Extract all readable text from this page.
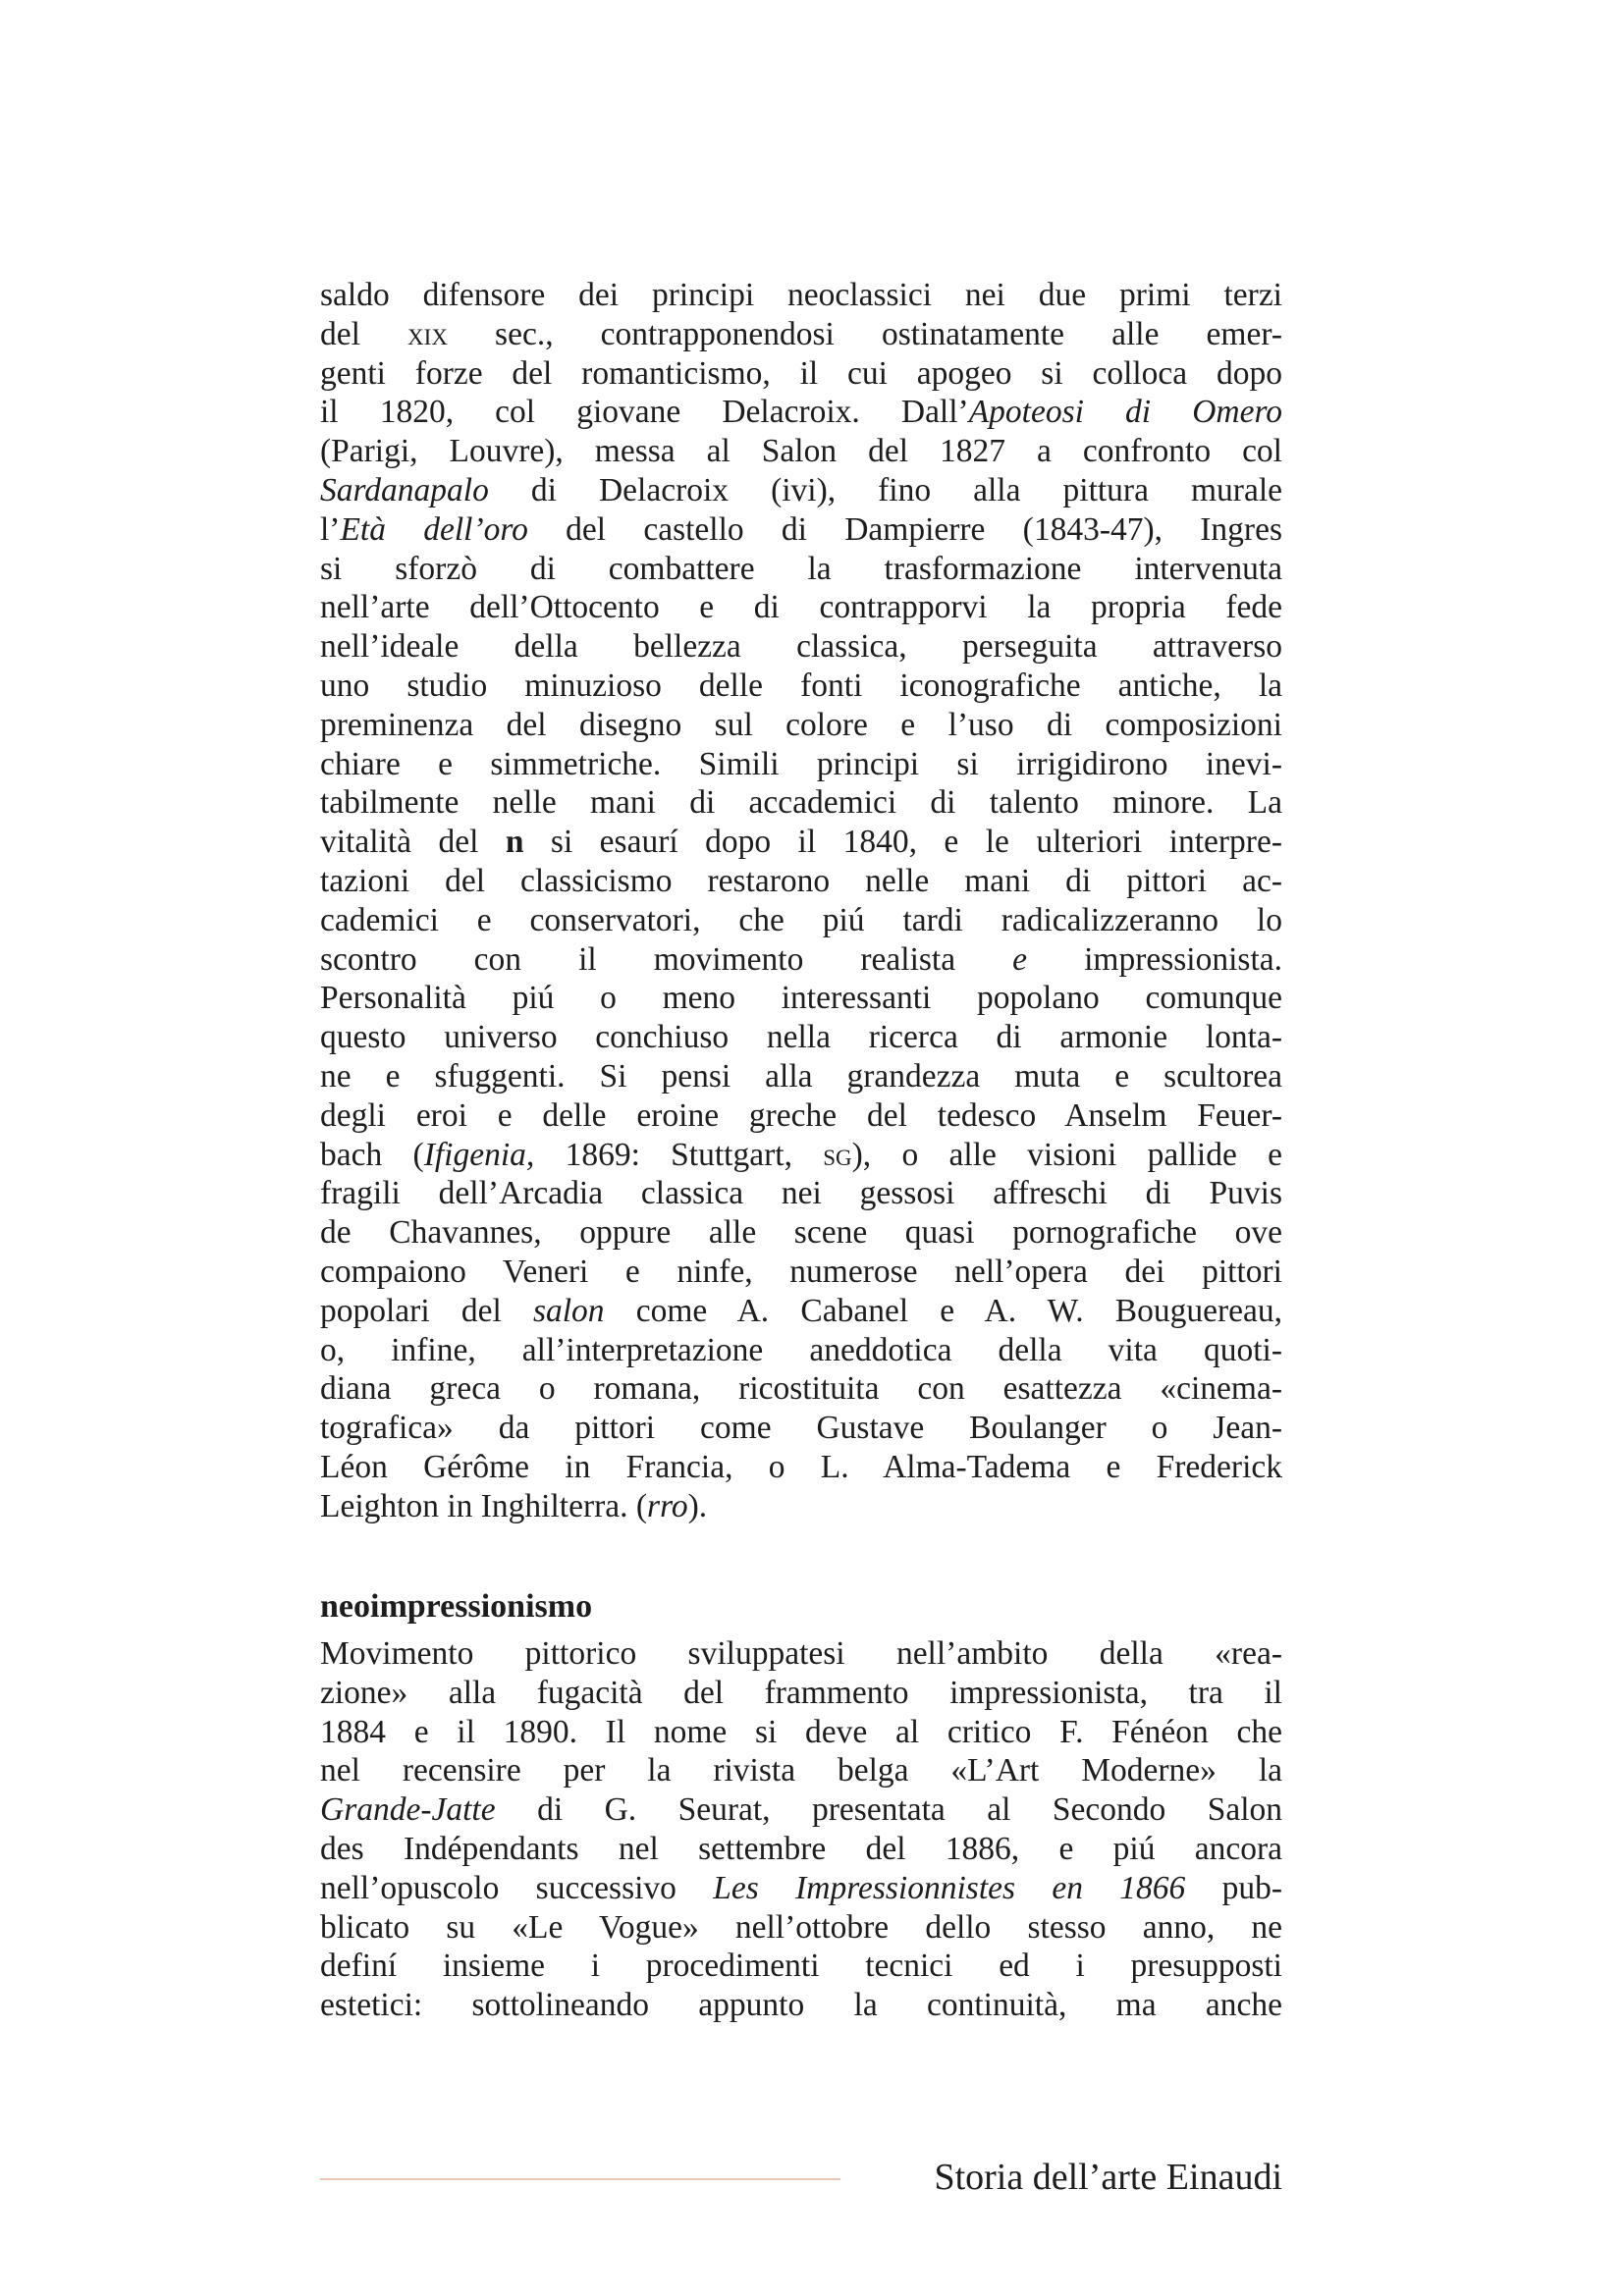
saldo difensore dei principi neoclassici nei due primi terzi
del xix sec., contrapponendosi ostinatamente alle emer-
genti forze del romanticismo, il cui apogeo si colloca dopo
il 1820, col giovane Delacroix. Dall’Apoteosi di Omero
(Parigi, Louvre), messa al Salon del 1827 a confronto col
Sardanapalo di Delacroix (ivi), fino alla pittura murale
l’Età dell’oro del castello di Dampierre (1843-47), Ingres
si sforzò di combattere la trasformazione intervenuta
nell’arte dell’Ottocento e di contrapporvi la propria fede
nell’ideale della bellezza classica, perseguita attraverso
uno studio minuzioso delle fonti iconografiche antiche, la
preminenza del disegno sul colore e l’uso di composizioni
chiare e simmetriche. Simili principi si irrigidirono inevi-
tabilmente nelle mani di accademici di talento minore. La
vitalità del n si esaurí dopo il 1840, e le ulteriori interpre-
tazioni del classicismo restarono nelle mani di pittori ac-
cademici e conservatori, che piú tardi radicalizzeranno lo
scontro con il movimento realista e impressionista.
Personalità piú o meno interessanti popolano comunque
questo universo conchiuso nella ricerca di armonie lonta-
ne e sfuggenti. Si pensi alla grandezza muta e scultorea
degli eroi e delle eroine greche del tedesco Anselm Feuer-
bach (Ifigenia, 1869: Stuttgart, sg), o alle visioni pallide e
fragili dell’Arcadia classica nei gessosi affreschi di Puvis
de Chavannes, oppure alle scene quasi pornografiche ove
compaiono Veneri e ninfe, numerose nell’opera dei pittori
popolari del salon come A. Cabanel e A. W. Bouguereau,
o, infine, all’interpretazione aneddotica della vita quoti-
diana greca o romana, ricostituita con esattezza «cinema-
tografica» da pittori come Gustave Boulanger o Jean-
Léon Gérôme in Francia, o L. Alma-Tadema e Frederick
Leighton in Inghilterra. (rro).
neoimpressionismo
Movimento pittorico sviluppatesi nell’ambito della «rea-
zione» alla fugacità del frammento impressionista, tra il
1884 e il 1890. Il nome si deve al critico F. Fénéon che
nel recensire per la rivista belga «L’Art Moderne» la
Grande-Jatte di G. Seurat, presentata al Secondo Salon
des Indépendants nel settembre del 1886, e piú ancora
nell’opuscolo successivo Les Impressionnistes en 1866 pub-
blicato su «Le Vogue» nell’ottobre dello stesso anno, ne
definí insieme i procedimenti tecnici ed i presupposti
estetici: sottolineando appunto la continuità, ma anche
Storia dell’arte Einaudi
